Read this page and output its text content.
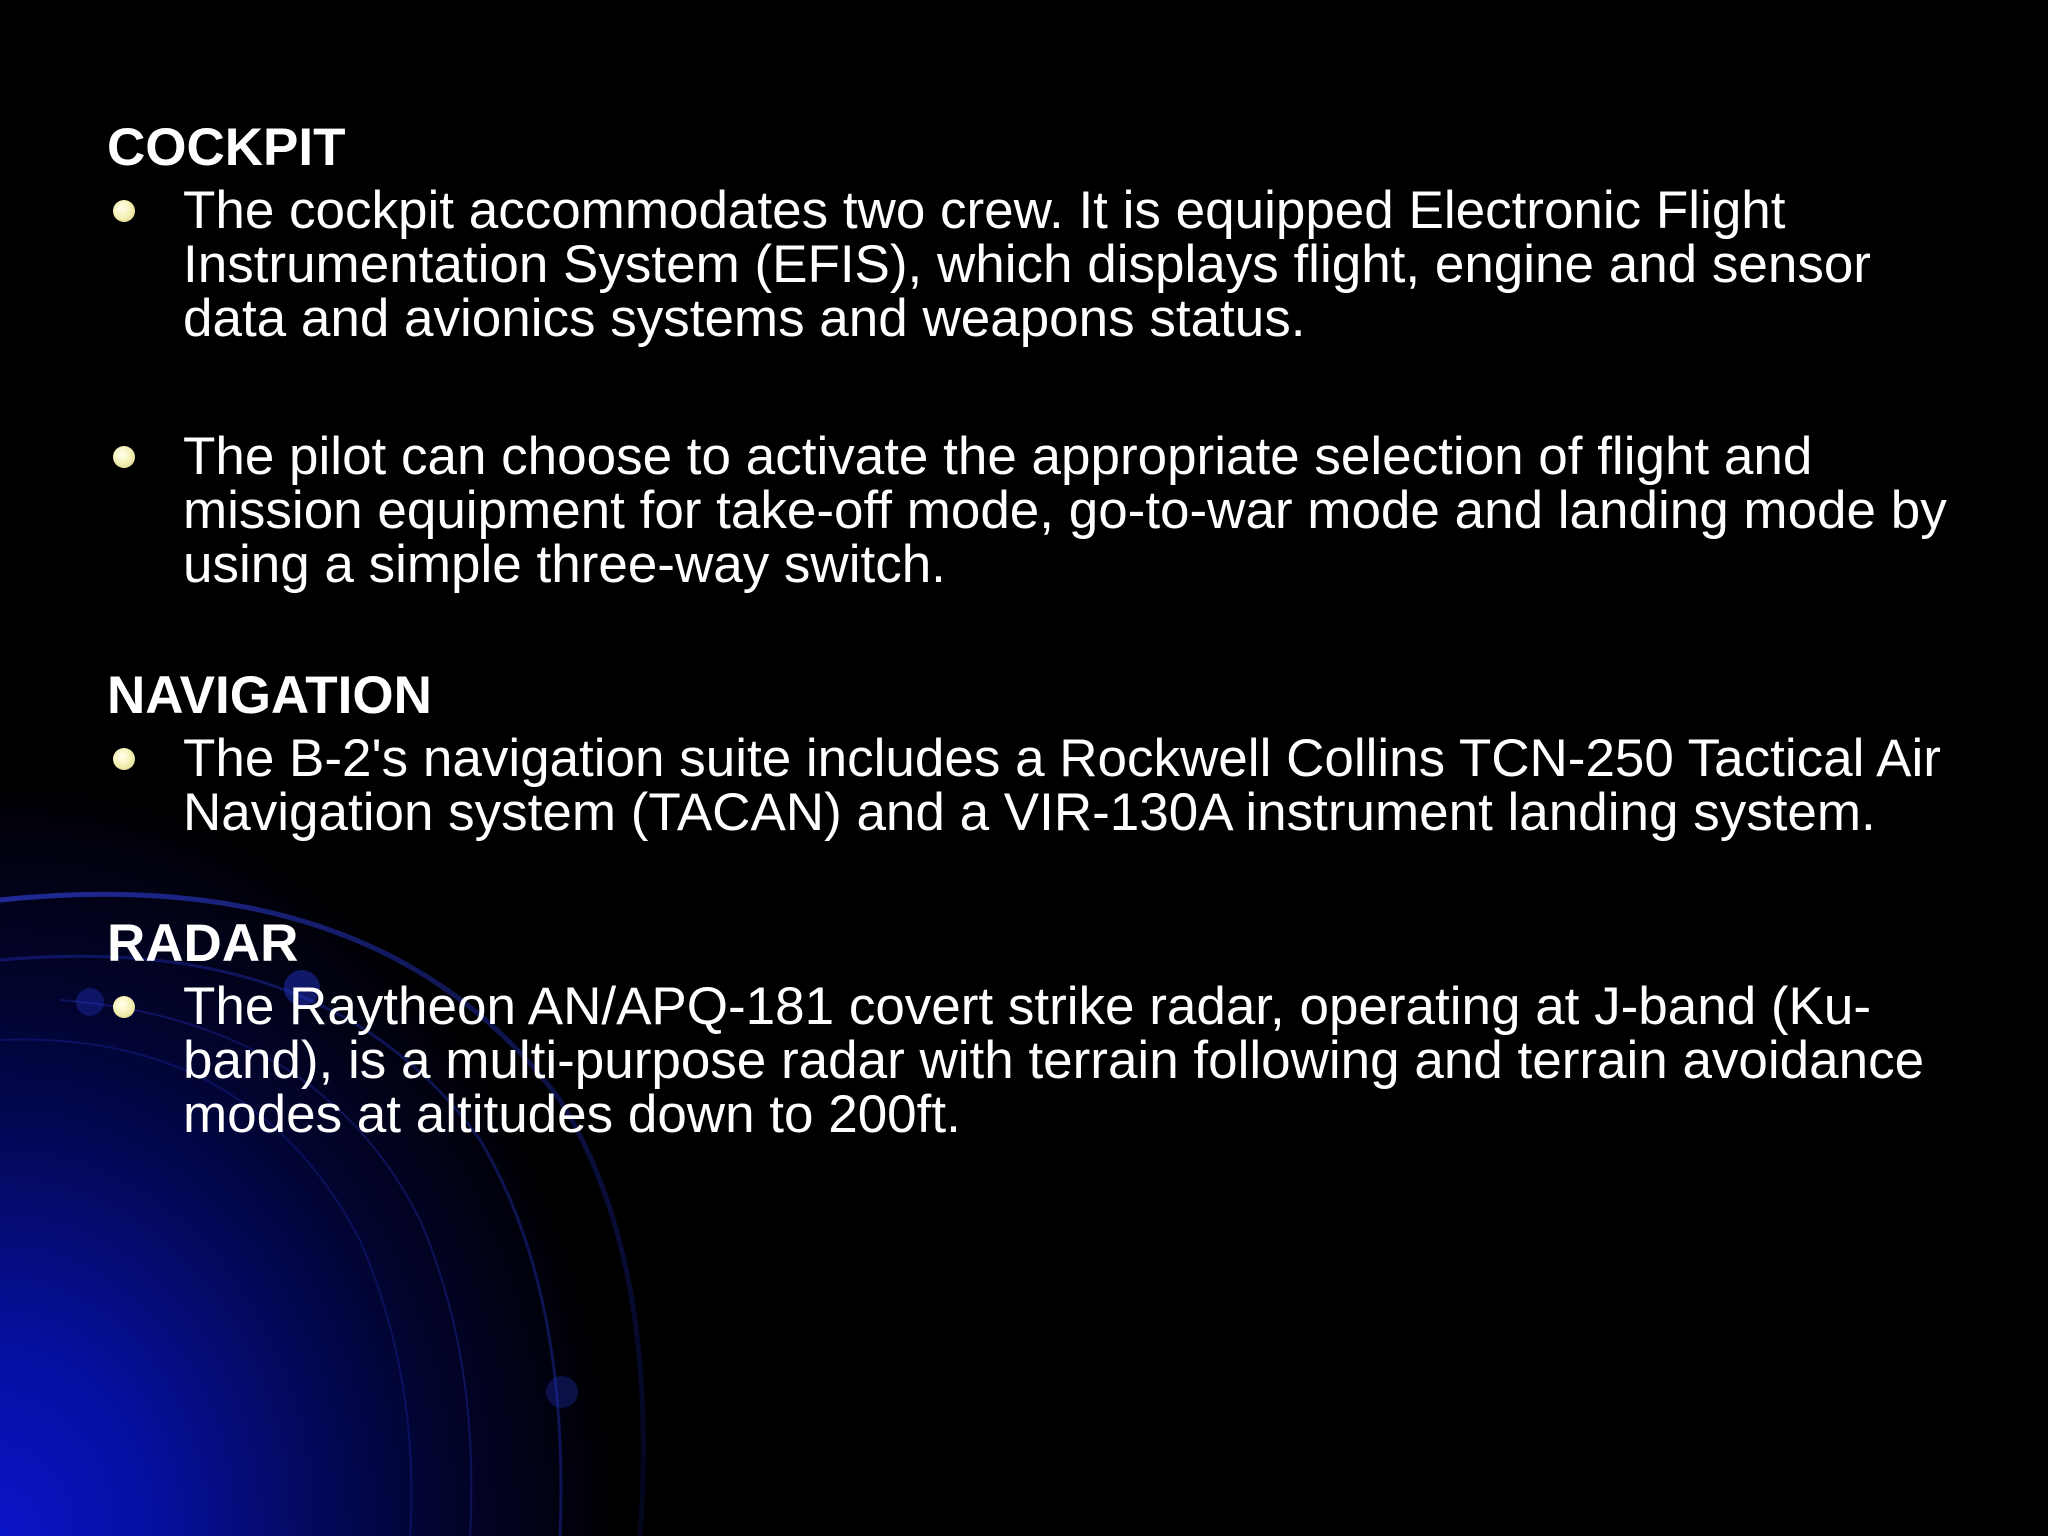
COCKPIT
The cockpit accommodates two crew. It is equipped Electronic Flight Instrumentation System (EFIS), which displays flight, engine and sensor data and avionics systems and weapons status.
The pilot can choose to activate the appropriate selection of flight and mission equipment for take-off mode, go-to-war mode and landing mode by using a simple three-way switch.
NAVIGATION
The B-2's navigation suite includes a Rockwell Collins TCN-250 Tactical Air Navigation system (TACAN) and a VIR-130A instrument landing system.
RADAR
The Raytheon AN/APQ-181 covert strike radar, operating at J-band (Ku-band), is a multi-purpose radar with terrain following and terrain avoidance modes at altitudes down to 200ft.
